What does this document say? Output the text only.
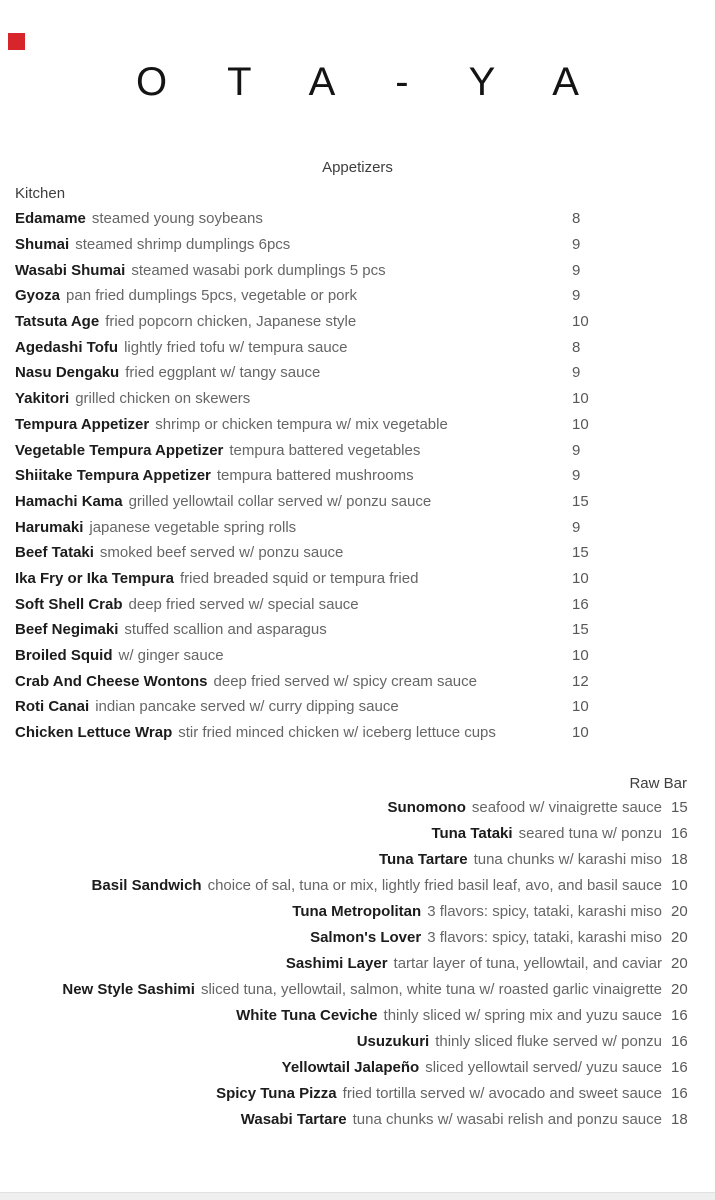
OTA-YA
Appetizers
Kitchen
Edamame steamed young soybeans	8
Shumai steamed shrimp dumplings 6pcs	9
Wasabi Shumai steamed wasabi pork dumplings 5 pcs	9
Gyoza pan fried dumplings 5pcs, vegetable or pork	9
Tatsuta Age fried popcorn chicken, Japanese style	10
Agedashi Tofu lightly fried tofu w/ tempura sauce	8
Nasu Dengaku fried eggplant w/ tangy sauce	9
Yakitori grilled chicken on skewers	10
Tempura Appetizer shrimp or chicken tempura w/ mix vegetable	10
Vegetable Tempura Appetizer tempura battered vegetables	9
Shiitake Tempura Appetizer tempura battered mushrooms	9
Hamachi Kama grilled yellowtail collar served w/ ponzu sauce	15
Harumaki japanese vegetable spring rolls	9
Beef Tataki smoked beef served w/ ponzu sauce	15
Ika Fry or Ika Tempura fried breaded squid or tempura fried	10
Soft Shell Crab deep fried served w/ special sauce	16
Beef Negimaki stuffed scallion and asparagus	15
Broiled Squid w/ ginger sauce	10
Crab And Cheese Wontons deep fried served w/ spicy cream sauce	12
Roti Canai indian pancake served w/ curry dipping sauce	10
Chicken Lettuce Wrap stir fried minced chicken w/ iceberg lettuce cups	10
Raw Bar
Sunomono seafood w/ vinaigrette sauce 15
Tuna Tataki seared tuna w/ ponzu 16
Tuna Tartare tuna chunks w/ karashi miso 18
Basil Sandwich choice of sal, tuna or mix, lightly fried basil leaf, avo, and basil sauce 10
Tuna Metropolitan 3 flavors: spicy, tataki, karashi miso 20
Salmon's Lover 3 flavors: spicy, tataki, karashi miso 20
Sashimi Layer tartar layer of tuna, yellowtail, and caviar 20
New Style Sashimi sliced tuna, yellowtail, salmon, white tuna w/ roasted garlic vinaigrette 20
White Tuna Ceviche thinly sliced w/ spring mix and yuzu sauce 16
Usuzukuri thinly sliced fluke served w/ ponzu 16
Yellowtail Jalapeño sliced yellowtail served/ yuzu sauce 16
Spicy Tuna Pizza fried tortilla served w/ avocado and sweet sauce 16
Wasabi Tartare tuna chunks w/ wasabi relish and ponzu sauce 18
